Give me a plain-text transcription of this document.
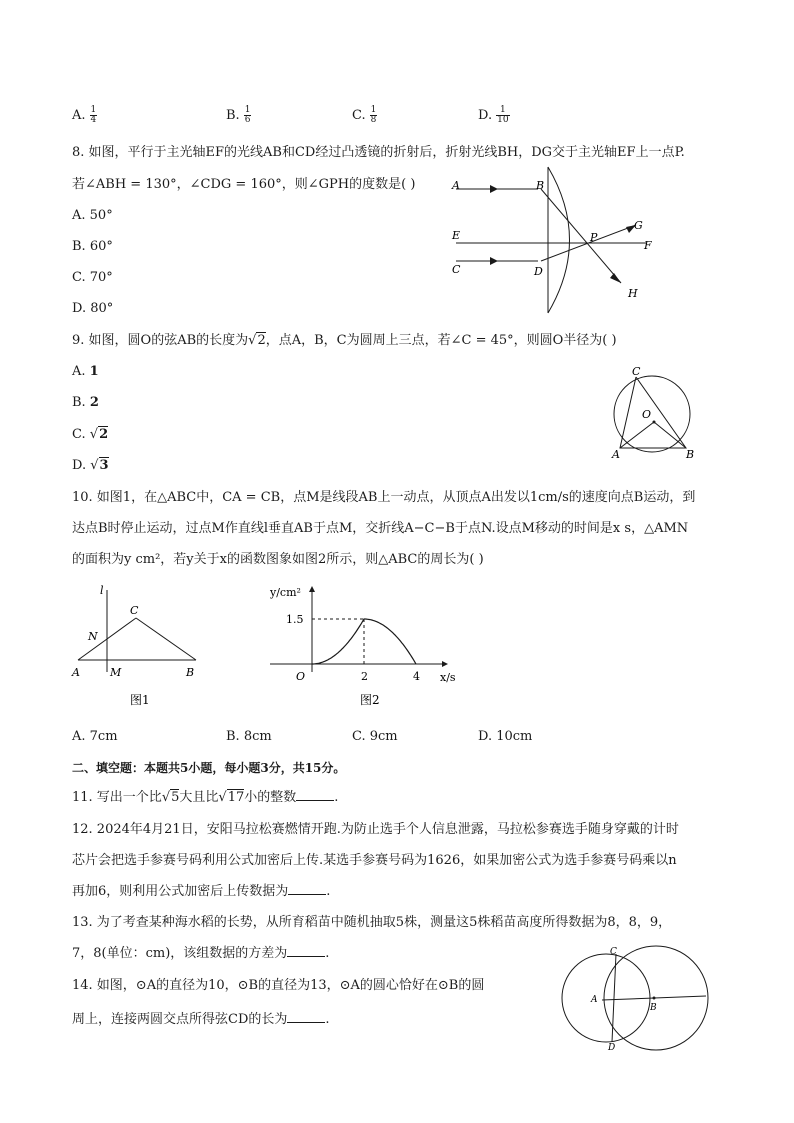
A. $\frac{1}{4}$	B. $\frac{1}{6}$	C. $\frac{1}{8}$	D. $\frac{1}{10}$
8. 如图，平行于主光轴EF的光线AB和CD经过凸透镜的折射后，折射光线BH，DG交于主光轴EF上一点P.
若∠ABH = 130°，∠CDG = 160°，则∠GPH的度数是( )
A. 50°
B. 60°
C. 70°
D. 80°
A	B
E
F
C	D
P
G
H
9. 如图，圆O的弦AB的长度为√2，点A，B，C为圆周上三点，若∠C = 45°，则圆O半径为( )
A. 1
B. 2
C. √2
D. √3
C
O
A	B
10. 如图1，在△ABC中，CA = CB，点M是线段AB上一动点，从顶点A出发以1cm/s的速度向点B运动，到
达点B时停止运动，过点M作直线l垂直AB于点M，交折线A−C−B于点N.设点M移动的时间是x s，△AMN
的面积为y cm²，若y关于x的函数图象如图2所示，则△ABC的周长为( )
l
C
N
A	M	B
图1
y/cm²
x/s
1.5
2	4
O
图2
A. 7cm	B. 8cm	C. 9cm	D. 10cm
二、填空题：本题共5小题，每小题3分，共15分。
11. 写出一个比√5大且比√17小的整数	.
12. 2024年4月21日，安阳马拉松赛燃情开跑.为防止选手个人信息泄露，马拉松参赛选手随身穿戴的计时
芯片会把选手参赛号码利用公式加密后上传.某选手参赛号码为1626，如果加密公式为选手参赛号码乘以n
再加6，则利用公式加密后上传数据为	.
13. 为了考查某种海水稻的长势，从所育稻苗中随机抽取5株，测量这5株稻苗高度所得数据为8，8，9，
7，8(单位：cm)，该组数据的方差为	.
14. 如图，⊙A的直径为10，⊙B的直径为13，⊙A的圆心恰好在⊙B的圆
周上，连接两圆交点所得弦CD的长为	.
C
A
B
D
